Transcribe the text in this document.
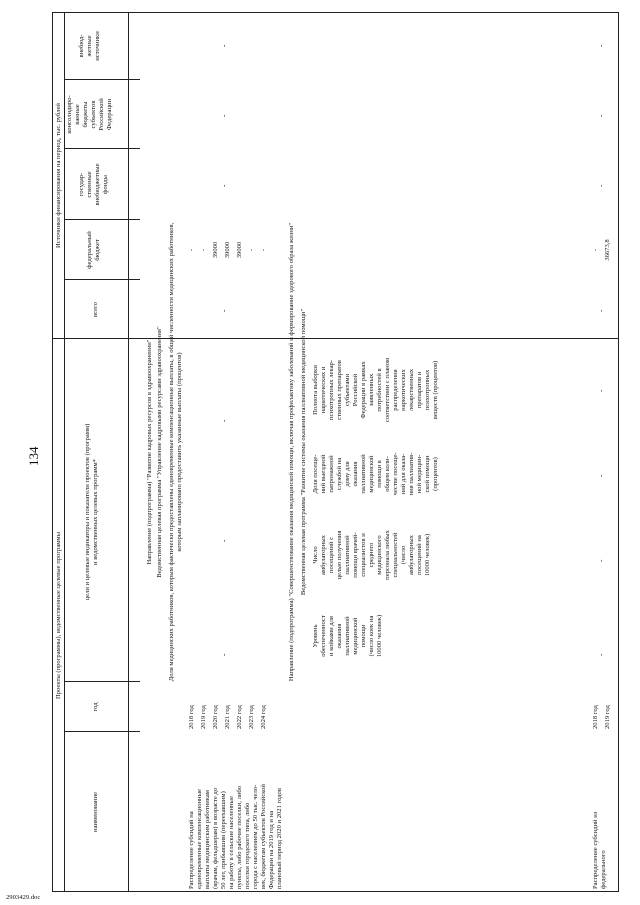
134
Проекты (программы), ведомственные целевые программы
Источники финансирования на период, тыс. рублей
наименование
год
цели и целевые индикаторы и показатели проектов (программ)
и ведомственных целевых программ*
всего
федеральный
бюджет
государ-
ственные
внебюджетные
фонды
консолидиро-
ванные
бюджеты
субъектов
Российской
Федерации
внебюд-
жетные
источники
Направление (подпрограмма) "Развитие кадровых ресурсов в здравоохранении" Ведомственная целевая программа "Управление кадровыми ресурсами здравоохранения"
Доля медицинских работников, которым фактически предоставлены единовременные компенсационные выплаты, в общей численности медицинских работников,
которым запланировано предоставить указанные выплаты (процентов)
Распределение субсидий на
единовременные компенсационные
выплаты медицинским работникам
(врачам, фельдшерам) в возрасте до
50 лет, прибывшим (переехавшим)
на работу в сельские населенные
пункты, либо рабочие поселки, либо
поселки городского типа, либо
города с населением до 50 тыс. чело-
век, бюджетам субъектов Российской
Федерации на 2019 год и на
плановый период 2020 и 2021 годов
2018 год 2019 год 2020 год 2021 год 2022 год 2023 год 2024 год
- - 39000 39000 39000 - -
-
-
-
-
-
-
-
Направление (подпрограмма) "Совершенствование оказания медицинской помощи, включая профилактику заболеваний и формирование здорового образа жизни" Ведомственная целевая программа "Развитие системы оказания паллиативной медицинской помощи"
Уровень
обеспеченност
и койками для
оказания
паллиативной
медицинской
помощи
(число коек на
10000 человек)
Число
амбулаторных
посещений с
целью получения
паллиативной
помощи врачей-
специалистов и
среднего
медицинского
персонала любых
специальностей
(число
амбулаторных
посещений на
10000 человек)
Доля посеще-
ний выездной
патронажной
службой на
дому для
оказания
паллиативной
медицинской
помощи в
общем коли-
честве посеще-
ний для оказа-
ния паллиатив-
ной медицин-
ской помощи
(процентов)
Полнота выборки
наркотических и
психотропных лекар-
ственных препаратов
субъектами
Российской
Федерации в рамках
заявленных
потребностей в
соответствии с планом
распределения
наркотических
лекарственных
препаратов и
психотропных
веществ (процентов)
Распределение субсидий из
федерального
2018 год 2019 год
- 36673,8
-
-
-
-
-
-
-
-
2903429.doc
